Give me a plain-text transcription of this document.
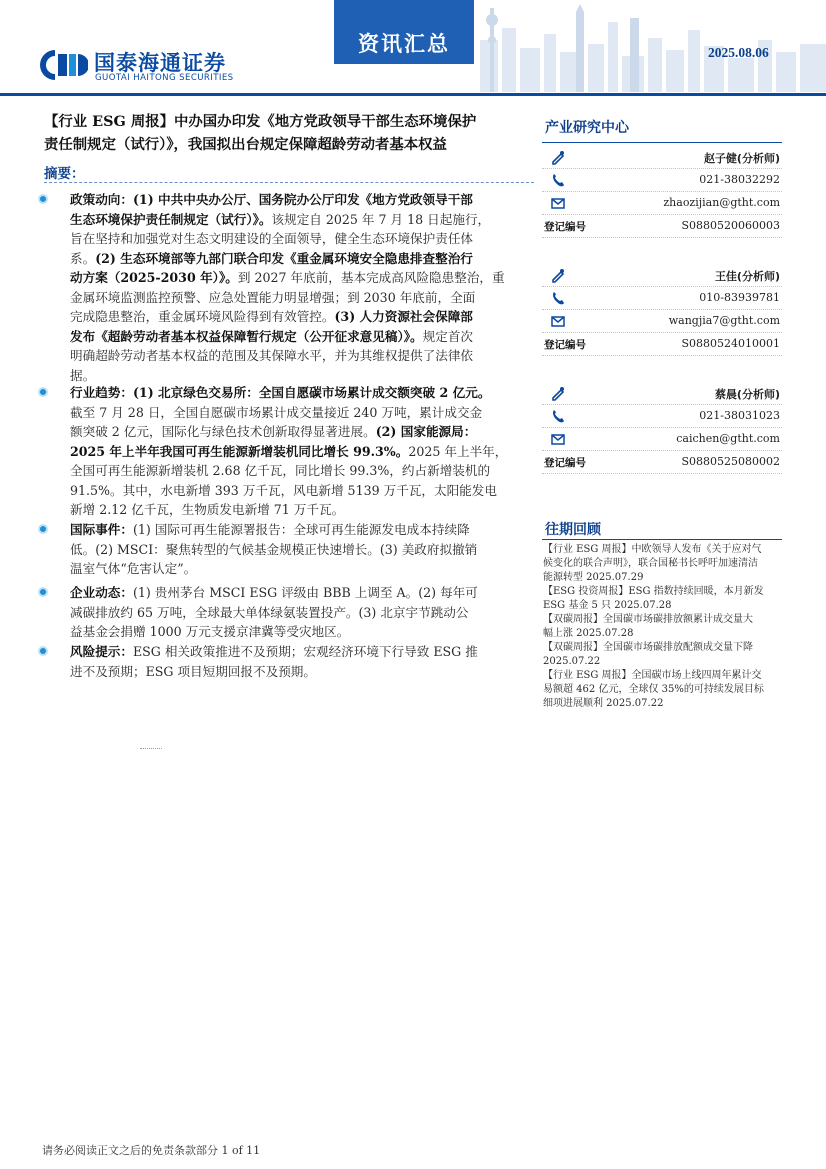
国泰海通证券
GUOTAI HAITONG SECURITIES
资讯汇总	2025.08.06
【行业 ESG 周报】中办国办印发《地方党政领导干部生态环境保护
责任制规定（试行）》，我国拟出台规定保障超龄劳动者基本权益
摘要：
政策动向：(1) 中共中央办公厅、国务院办公厅印发《地方党政领导干部
生态环境保护责任制规定（试行）》。该规定自 2025 年 7 月 18 日起施行，
旨在坚持和加强党对生态文明建设的全面领导，健全生态环境保护责任体
系。(2) 生态环境部等九部门联合印发《重金属环境安全隐患排查整治行
动方案（2025-2030 年）》。到 2027 年底前，基本完成高风险隐患整治，重
金属环境监测监控预警、应急处置能力明显增强；到 2030 年底前，全面
完成隐患整治，重金属环境风险得到有效管控。(3) 人力资源社会保障部
发布《超龄劳动者基本权益保障暂行规定（公开征求意见稿）》。规定首次
明确超龄劳动者基本权益的范围及其保障水平，并为其维权提供了法律依
据。
行业趋势：(1) 北京绿色交易所：全国自愿碳市场累计成交额突破 2 亿元。
截至 7 月 28 日，全国自愿碳市场累计成交量接近 240 万吨，累计成交金
额突破 2 亿元，国际化与绿色技术创新取得显著进展。(2) 国家能源局：
2025 年上半年我国可再生能源新增装机同比增长 99.3%。2025 年上半年，
全国可再生能源新增装机 2.68 亿千瓦，同比增长 99.3%，约占新增装机的
91.5%。其中，水电新增 393 万千瓦，风电新增 5139 万千瓦，太阳能发电
新增 2.12 亿千瓦，生物质发电新增 71 万千瓦。
国际事件：(1) 国际可再生能源署报告：全球可再生能源发电成本持续降
低。(2) MSCI：聚焦转型的气候基金规模正快速增长。(3) 美政府拟撤销
温室气体“危害认定”。
企业动态：(1) 贵州茅台 MSCI ESG 评级由 BBB 上调至 A。(2) 每年可
减碳排放约 65 万吨，全球最大单体绿氨装置投产。(3) 北京宇节跳动公
益基金会捐赠 1000 万元支援京津冀等受灾地区。
风险提示：ESG 相关政策推进不及预期；宏观经济环境下行导致 ESG 推
进不及预期；ESG 项目短期回报不及预期。
产业研究中心
赵子健(分析师)
021-38032292
zhaozijian@gtht.com
登记编号	S0880520060003
王佳(分析师)
010-83939781
wangjia7@gtht.com
登记编号	S0880524010001
蔡晨(分析师)
021-38031023
caichen@gtht.com
登记编号	S0880525080002
往期回顾
【行业 ESG 周报】中欧领导人发布《关于应对气
候变化的联合声明》，联合国秘书长呼吁加速清洁
能源转型 2025.07.29
【ESG 投资周报】ESG 指数持续回暖，本月新发
ESG 基金 5 只 2025.07.28
【双碳周报】全国碳市场碳排放额累计成交量大
幅上涨 2025.07.28
【双碳周报】全国碳市场碳排放配额成交量下降
2025.07.22
【行业 ESG 周报】全国碳市场上线四周年累计交
易额超 462 亿元，全球仅 35%的可持续发展目标
细项进展顺利 2025.07.22
请务必阅读正文之后的免责条款部分 1 of 11
